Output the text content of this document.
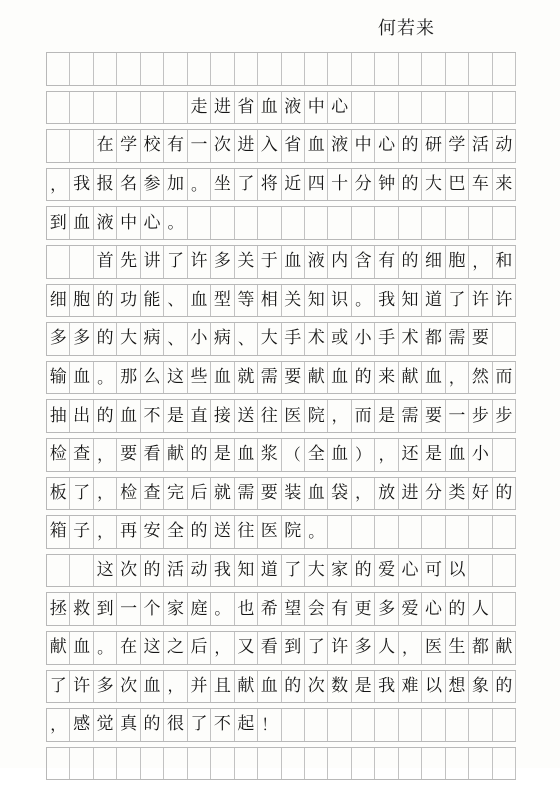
何若来
走 进 省 血 液 中 心
在 学 校 有 一 次 进 入 省 血 液 中 心 的 研 学 活 动
， 我 报 名 参 加 。 坐 了 将 近 四 十 分 钟 的 大 巴 车 来
到 血 液 中 心 。
首 先 讲 了 许 多 关 于 血 液 内 含 有 的 细 胞 ， 和
细 胞 的 功 能 、 血 型 等 相 关 知 识 。 我 知 道 了 许 许
多 多 的 大 病 、 小 病 、 大 手 术 或 小 手 术 都 需 要
输 血 。 那 么 这 些 血 就 需 要 献 血 的 来 献 血 ， 然 而
抽 出 的 血 不 是 直 接 送 往 医 院 ， 而 是 需 要 一 步 步
检 查 ， 要 看 献 的 是 血 浆 （ 全 血 ） ， 还 是 血 小
板 了 ， 检 查 完 后 就 需 要 装 血 袋 ， 放 进 分 类 好 的
箱 子 ， 再 安 全 的 送 往 医 院 。
这 次 的 活 动 我 知 道 了 大 家 的 爱 心 可 以
拯 救 到 一 个 家 庭 。 也 希 望 会 有 更 多 爱 心 的 人
献 血 。 在 这 之 后 ， 又 看 到 了 许 多 人 ， 医 生 都 献
了 许 多 次 血 ， 并 且 献 血 的 次 数 是 我 难 以 想 象 的
， 感 觉 真 的 很 了 不 起 ！
